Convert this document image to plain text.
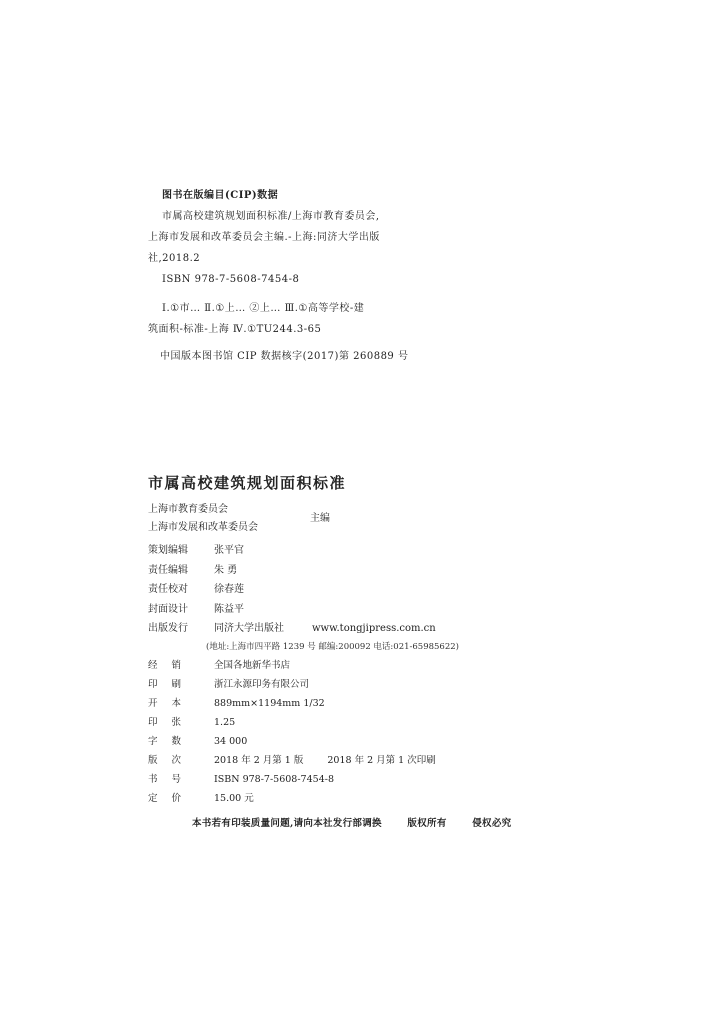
图书在版编目(CIP)数据
市属高校建筑规划面积标准/上海市教育委员会,
上海市发展和改革委员会主编.-上海:同济大学出版
社,2018.2
ISBN 978-7-5608-7454-8
Ⅰ.①市… Ⅱ.①上… ②上… Ⅲ.①高等学校-建
筑面积-标准-上海 Ⅳ.①TU244.3-65
中国版本图书馆 CIP 数据核字(2017)第 260889 号
市属高校建筑规划面积标准
上海市教育委员会
上海市发展和改革委员会
主编
策划编辑	张平官
责任编辑	朱 勇
责任校对	徐春莲
封面设计	陈益平
出版发行	同济大学出版社	www.tongjipress.com.cn
(地址:上海市四平路 1239 号 邮编:200092 电话:021-65985622)
经销	全国各地新华书店
印刷	浙江永源印务有限公司
开本	889mm×1194mm 1/32
印张	1.25
字数	34 000
版次	2018 年 2 月第 1 版	2018 年 2 月第 1 次印刷
书号	ISBN 978-7-5608-7454-8
定价	15.00 元
本书若有印装质量问题,请向本社发行部调换	版权所有	侵权必究
